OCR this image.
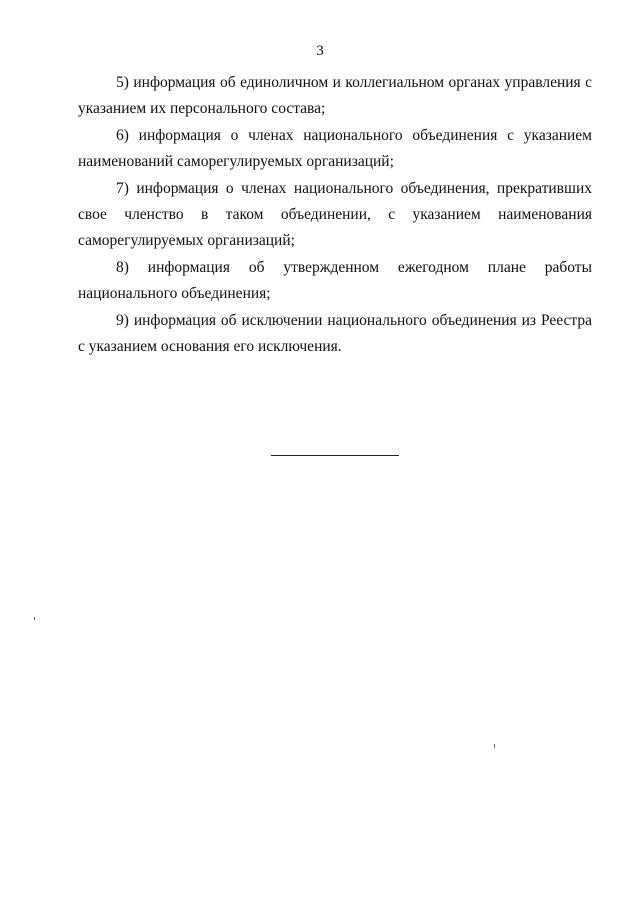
3

5) информация об единоличном и коллегиальном органах управления с указанием их персонального состава;

6) информация о членах национального объединения с указанием наименований саморегулируемых организаций;

7) информация о членах национального объединения, прекративших свое членство в таком объединении, с указанием наименования саморегулируемых организаций;

8) информация об утвержденном ежегодном плане работы национального объединения;

9) информация об исключении национального объединения из Реестра с указанием основания его исключения.
